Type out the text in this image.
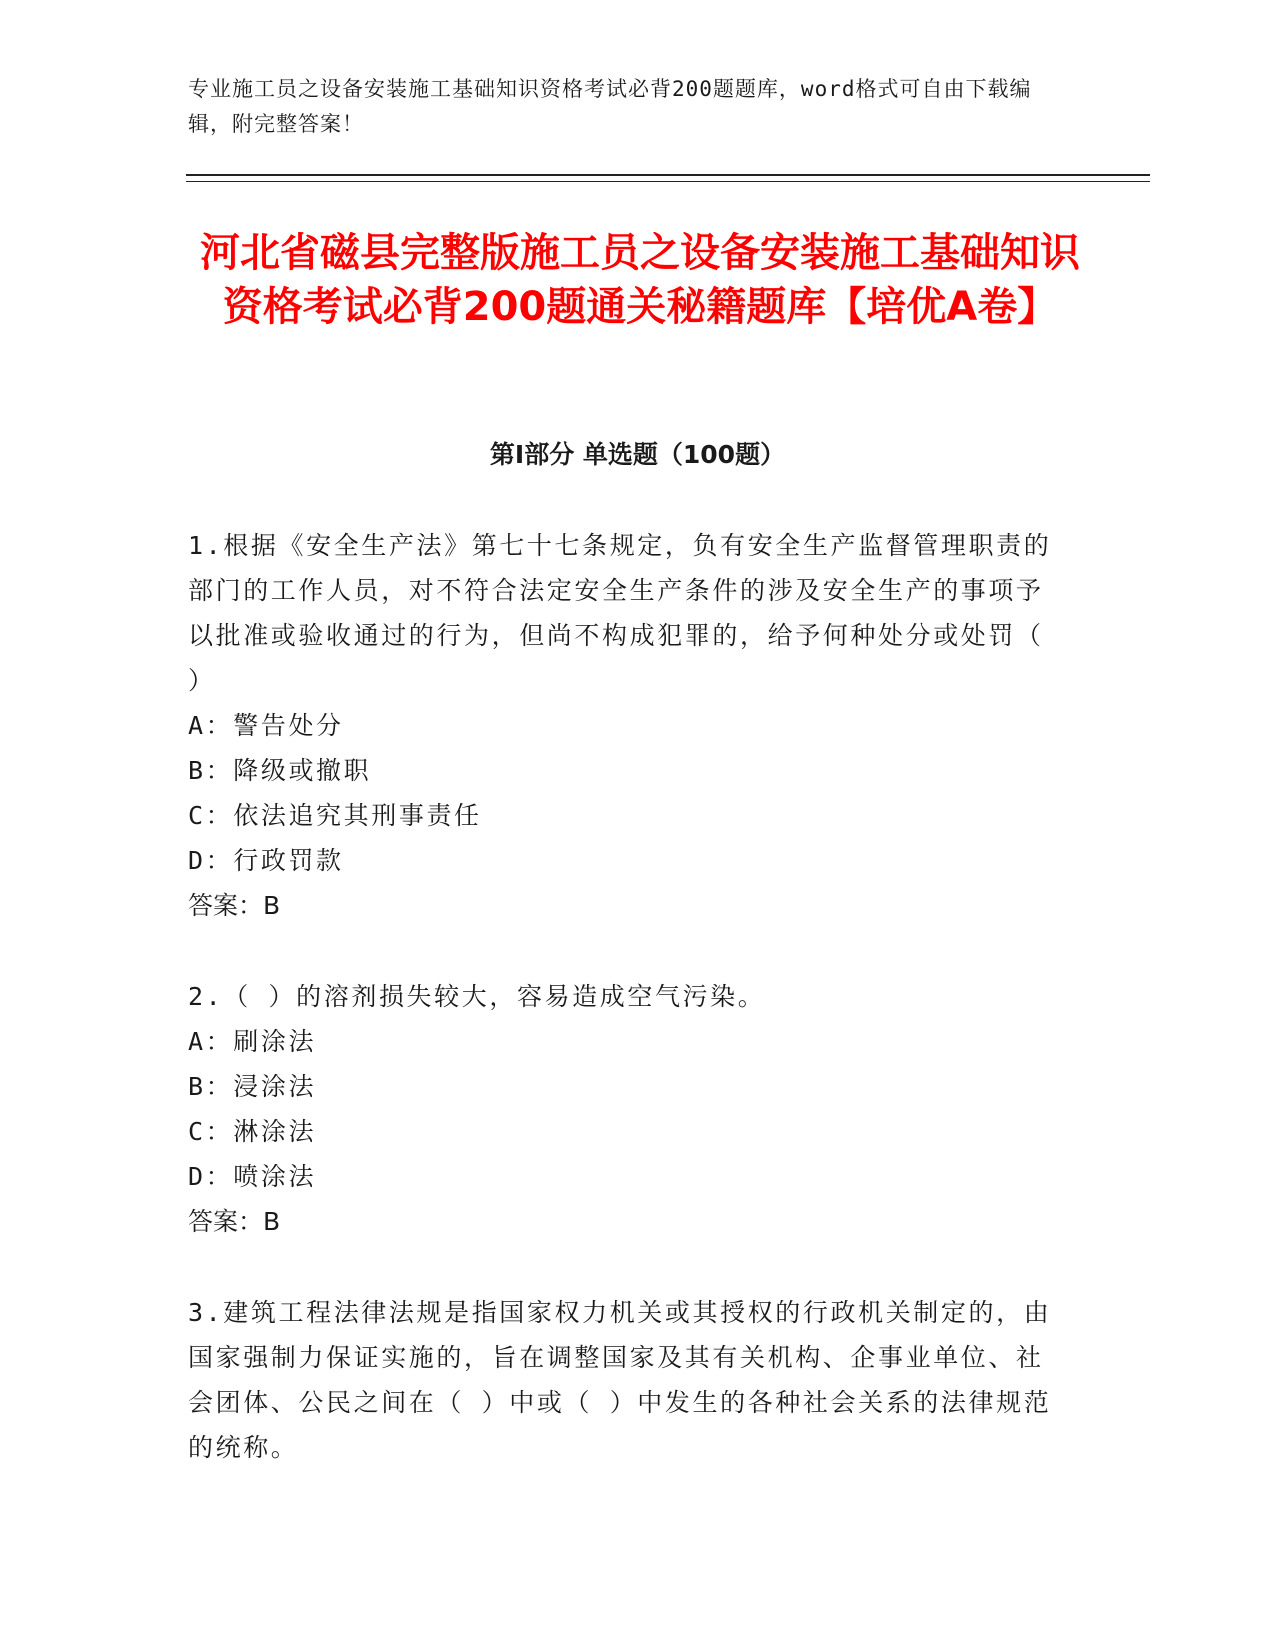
专业施工员之设备安装施工基础知识资格考试必背200题题库，word格式可自由下载编辑，附完整答案！
河北省磁县完整版施工员之设备安装施工基础知识资格考试必背200题通关秘籍题库【培优A卷】
第I部分 单选题（100题）

1.根据《安全生产法》第七十七条规定，负有安全生产监督管理职责的部门的工作人员，对不符合法定安全生产条件的涉及安全生产的事项予以批准或验收通过的行为，但尚不构成犯罪的，给予何种处分或处罚（ ）

A：警告处分

B：降级或撤职

C：依法追究其刑事责任

D：行政罚款

答案：B

2.（ ）的溶剂损失较大，容易造成空气污染。

A：刷涂法

B：浸涂法

C：淋涂法

D：喷涂法

答案：B

3.建筑工程法律法规是指国家权力机关或其授权的行政机关制定的，由国家强制力保证实施的，旨在调整国家及其有关机构、企事业单位、社会团体、公民之间在（ ）中或（ ）中发生的各种社会关系的法律规范的统称。
